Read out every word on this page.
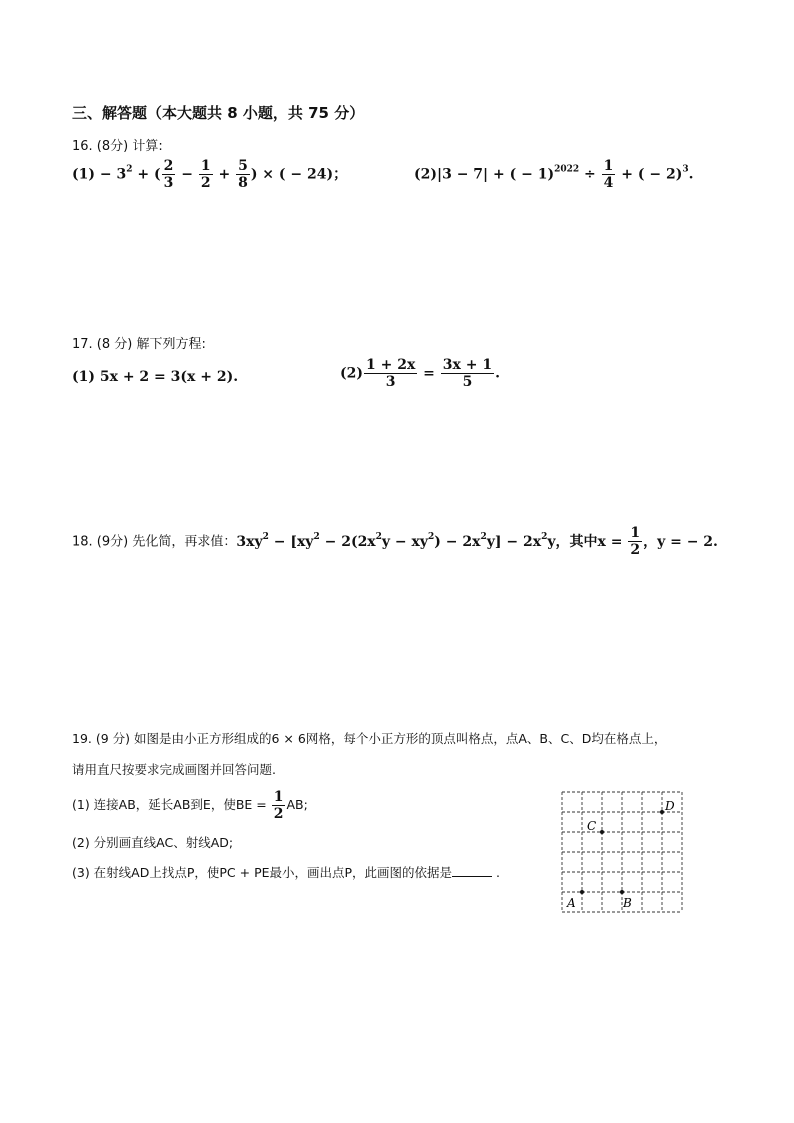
三、解答题（本大题共 8 小题，共 75 分）
16. (8分) 计算:
$(1) - 3^2$ + ( $\frac{2}{3} - \frac{1}{2} + \frac{5}{8}$ ) × ( − 24)；	(2)|3 − 7| + ( − $1)^{2022} \div \frac{1}{4}$ + ( − 2)$^3$.
17. (8 分) 解下列方程:
(1) 5x + 2 = 3(x + 2).	$(2) \frac{1 + 2x}{3} = \frac{3x + 1}{5}$ .
18. (9分) 先化简，再求值：$3xy^2 - [xy^2 - 2(2x^2y - xy^2) - 2x^2y] - 2x^2y$，其中$x = \frac{1}{2}$ ，y = − 2.
19. (9 分) 如图是由小正方形组成的6 × 6网格，每个小正方形的顶点叫格点，点A、B、C、D均在格点上，
请用直尺按要求完成画图并回答问题.
(1) 连接AB，延长AB到E，使BE = $\frac{1}{2}$ AB;
(2) 分别画直线AC、射线AD;
(3) 在射线AD上找点P，使PC + PE最小，画出点P，此画图的依据是	.
D
C
A	B
